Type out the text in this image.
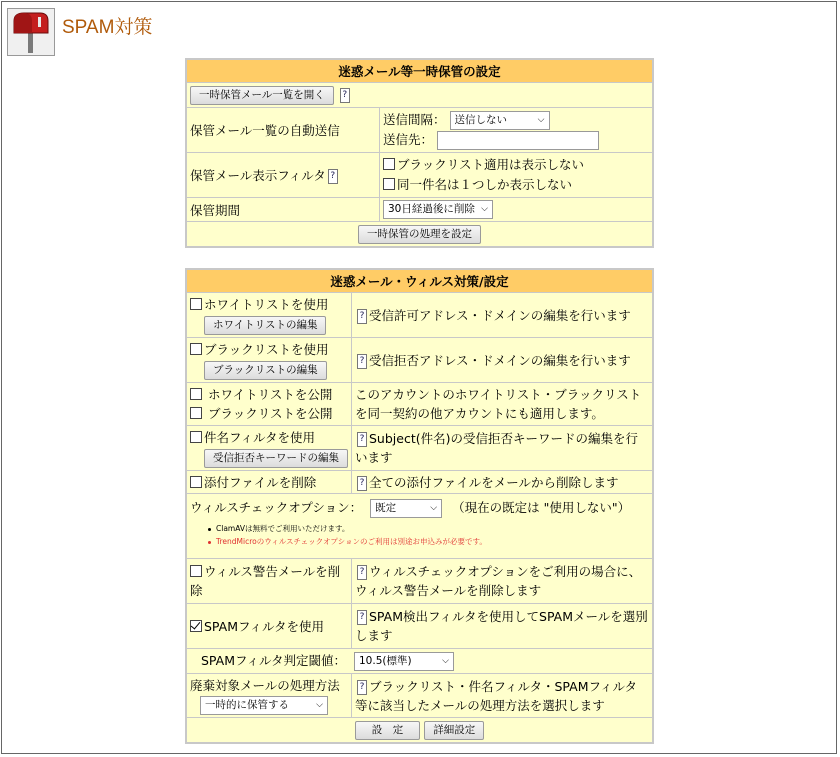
SPAM対策
迷惑メール等一時保管の設定	
一時保管メール一覧を開く ?	
保管メール一覧の自動送信	送信間隔： 送信しない ⌵
送信先：

保管メール表示フィルタ ?	ブラックリスト適用は表示しない
同一件名は１つしか表示しない

保管期間	30日経過後に削除 ⌵

一時保管の処理を設定	
迷惑メール・ウィルス対策/設定	

ホワイトリストを使用
ホワイトリストの編集	? 受信許可アドレス・ドメインの編集を行います

ブラックリストを使用
ブラックリストの編集	? 受信拒否アドレス・ドメインの編集を行います

ホワイトリストを公開
ブラックリストを公開	このアカウントのホワイトリスト・ブラックリストを同一契約の他アカウントにも適用します。

件名フィルタを使用
受信拒否キーワードの編集	? Subject(件名)の受信拒否キーワードの編集を行います
添付ファイルを削除	? 全ての添付ファイルをメールから削除します

ウィルスチェックオプション： 既定 ⌵ （現在の既定は "使用しない"）
ClamAVは無料でご利用いただけます。
TrendMicroのウィルスチェックオプションのご利用は別途お申込みが必要です。	

ウィルス警告メールを削除	? ウィルスチェックオプションをご利用の場合に、ウィルス警告メールを削除します
SPAMフィルタを使用	? SPAM検出フィルタを使用してSPAMメールを選別します
SPAMフィルタ判定閾値： 10.5(標準) ⌵	

廃棄対象メールの処理方法
一時的に保管する ⌵	? ブラックリスト・件名フィルタ・SPAMフィルタ等に該当したメールの処理方法を選択します
設　定 詳細設定	
